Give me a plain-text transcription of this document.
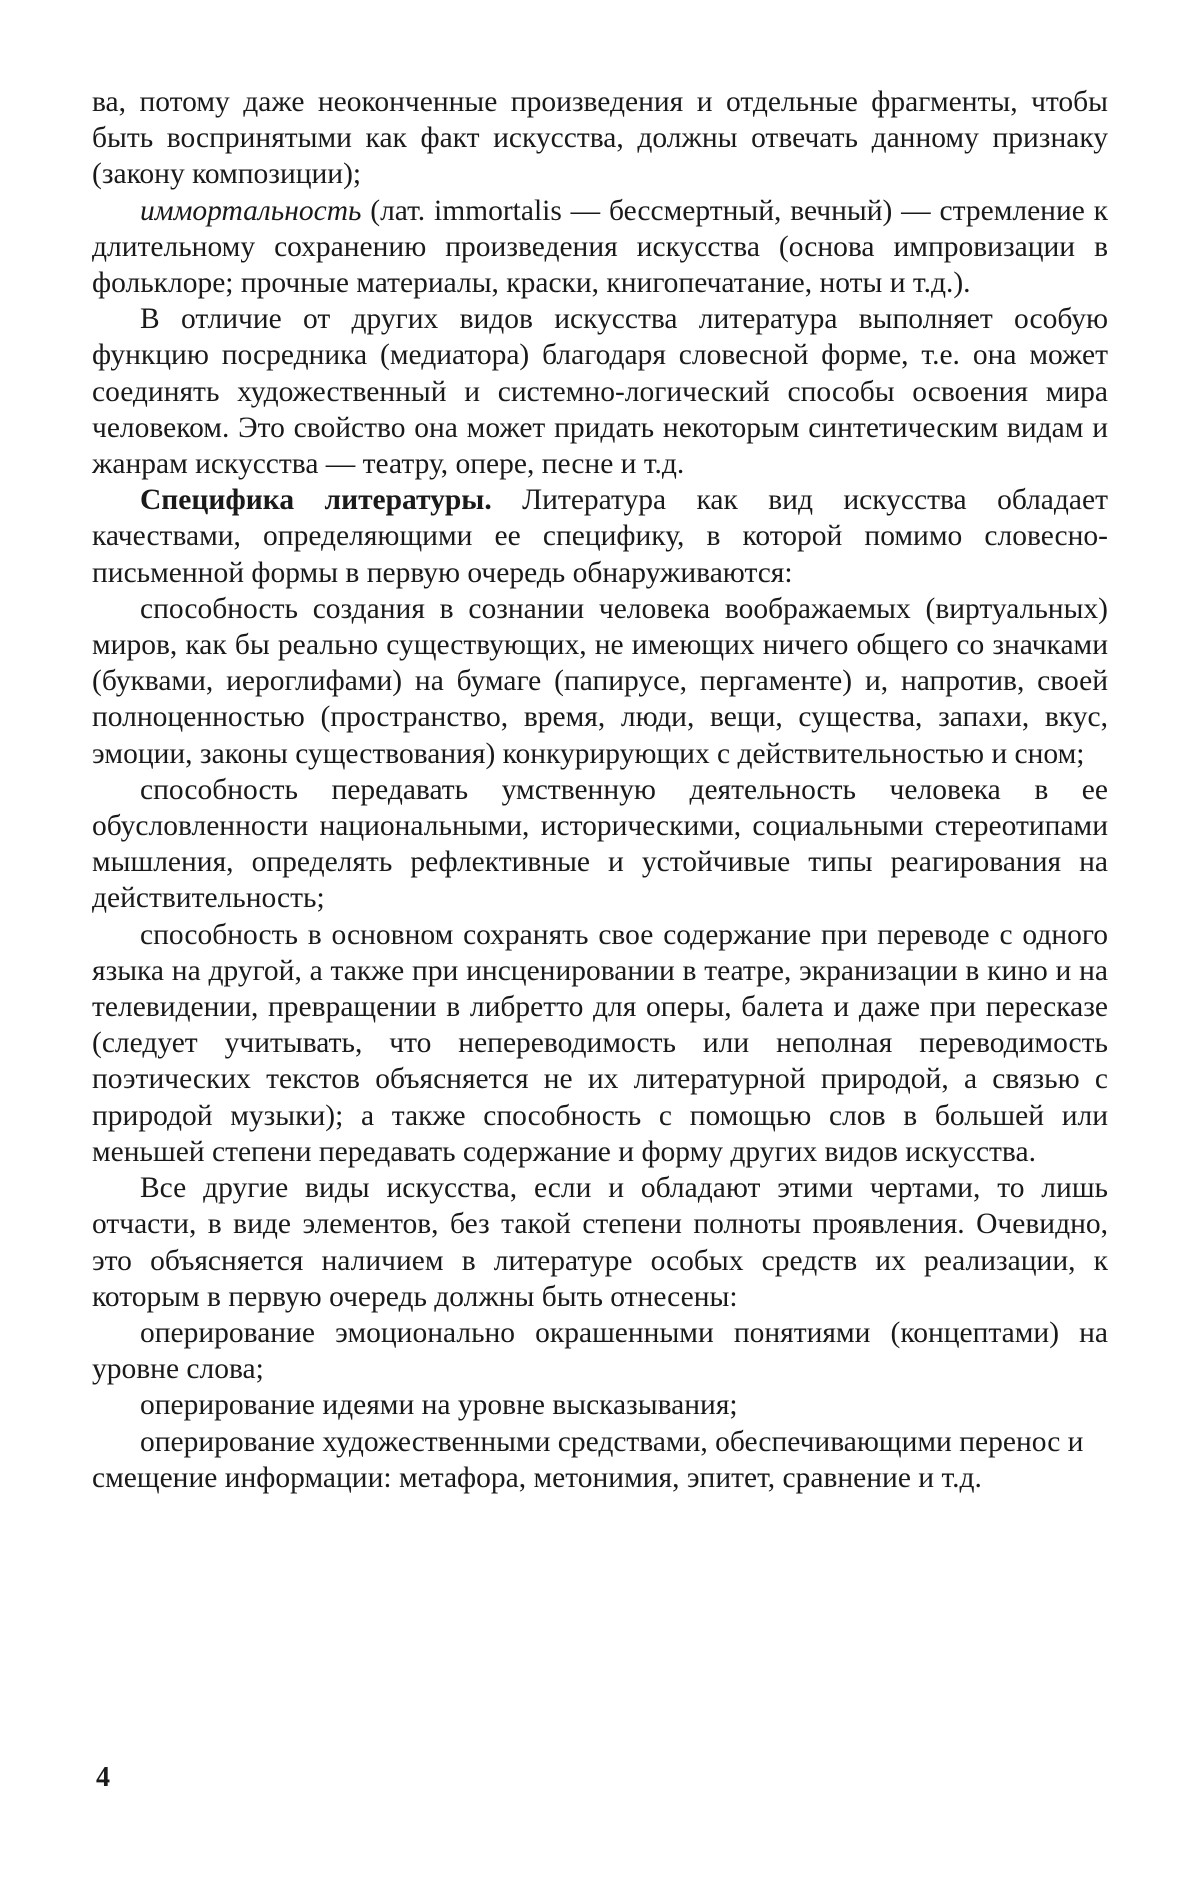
ва, потому даже неоконченные произведения и отдельные фрагменты, чтобы быть воспринятыми как факт искусства, должны отвечать данному признаку (закону композиции);

иммортальность (лат. immortalis — бессмертный, вечный) — стремление к длительному сохранению произведения искусства (основа импровизации в фольклоре; прочные материалы, краски, книгопечатание, ноты и т.д.).

В отличие от других видов искусства литература выполняет особую функцию посредника (медиатора) благодаря словесной форме, т.е. она может соединять художественный и системно-логический способы освоения мира человеком. Это свойство она может придать некоторым синтетическим видам и жанрам искусства — театру, опере, песне и т.д.

Специфика литературы. Литература как вид искусства обладает качествами, определяющими ее специфику, в которой помимо словесно-письменной формы в первую очередь обнаруживаются:

способность создания в сознании человека воображаемых (виртуальных) миров, как бы реально существующих, не имеющих ничего общего со значками (буквами, иероглифами) на бумаге (папирусе, пергаменте) и, напротив, своей полноценностью (пространство, время, люди, вещи, существа, запахи, вкус, эмоции, законы существования) конкурирующих с действительностью и сном;

способность передавать умственную деятельность человека в ее обусловленности национальными, историческими, социальными стереотипами мышления, определять рефлективные и устойчивые типы реагирования на действительность;

способность в основном сохранять свое содержание при переводе с одного языка на другой, а также при инсценировании в театре, экранизации в кино и на телевидении, превращении в либретто для оперы, балета и даже при пересказе (следует учитывать, что непереводимость или неполная переводимость поэтических текстов объясняется не их литературной природой, а связью с природой музыки); а также способность с помощью слов в большей или меньшей степени передавать содержание и форму других видов искусства.

Все другие виды искусства, если и обладают этими чертами, то лишь отчасти, в виде элементов, без такой степени полноты проявления. Очевидно, это объясняется наличием в литературе особых средств их реализации, к которым в первую очередь должны быть отнесены:

оперирование эмоционально окрашенными понятиями (концептами) на уровне слова;

оперирование идеями на уровне высказывания;

оперирование художественными средствами, обеспечивающими перенос и смещение информации: метафора, метонимия, эпитет, сравнение и т.д.

4
